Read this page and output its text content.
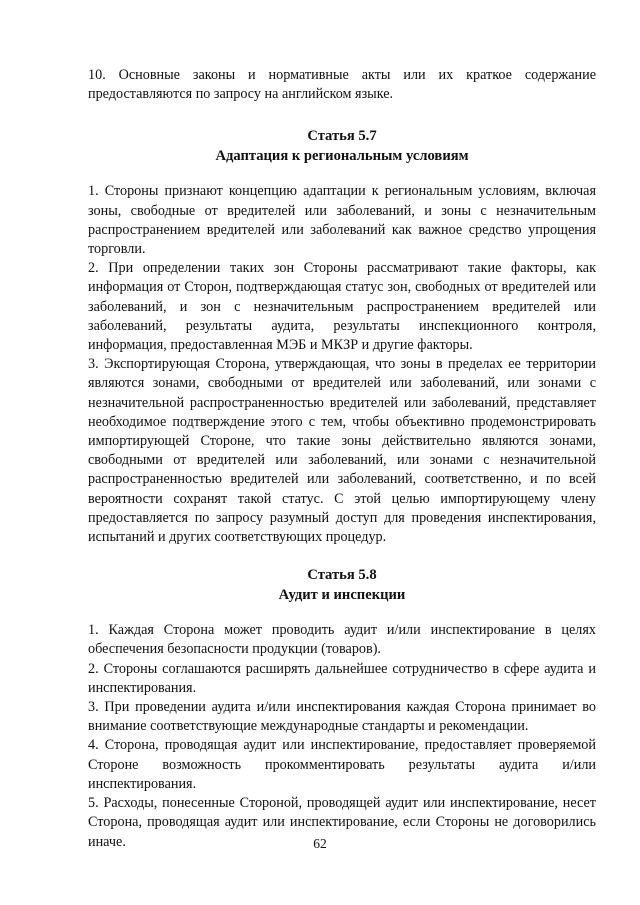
10. Основные законы и нормативные акты или их краткое содержание предоставляются по запросу на английском языке.

Статья 5.7

Адаптация к региональным условиям

1. Стороны признают концепцию адаптации к региональным условиям, включая зоны, свободные от вредителей или заболеваний, и зоны с незначительным распространением вредителей или заболеваний как важное средство упрощения торговли.

2. При определении таких зон Стороны рассматривают такие факторы, как информация от Сторон, подтверждающая статус зон, свободных от вредителей или заболеваний, и зон с незначительным распространением вредителей или заболеваний, результаты аудита, результаты инспекционного контроля, информация, предоставленная МЭБ и МКЗР и другие факторы.

3. Экспортирующая Сторона, утверждающая, что зоны в пределах ее территории являются зонами, свободными от вредителей или заболеваний, или зонами с незначительной распространенностью вредителей или заболеваний, представляет необходимое подтверждение этого с тем, чтобы объективно продемонстрировать импортирующей Стороне, что такие зоны действительно являются зонами, свободными от вредителей или заболеваний, или зонами с незначительной распространенностью вредителей или заболеваний, соответственно, и по всей вероятности сохранят такой статус. С этой целью импортирующему члену предоставляется по запросу разумный доступ для проведения инспектирования, испытаний и других соответствующих процедур.

Статья 5.8

Аудит и инспекции

1. Каждая Сторона может проводить аудит и/или инспектирование в целях обеспечения безопасности продукции (товаров).

2. Стороны соглашаются расширять дальнейшее сотрудничество в сфере аудита и инспектирования.

3. При проведении аудита и/или инспектирования каждая Сторона принимает во внимание соответствующие международные стандарты и рекомендации.

4. Сторона, проводящая аудит или инспектирование, предоставляет проверяемой Стороне возможность прокомментировать результаты аудита и/или инспектирования.

5. Расходы, понесенные Стороной, проводящей аудит или инспектирование, несет Сторона, проводящая аудит или инспектирование, если Стороны не договорились иначе.	62
